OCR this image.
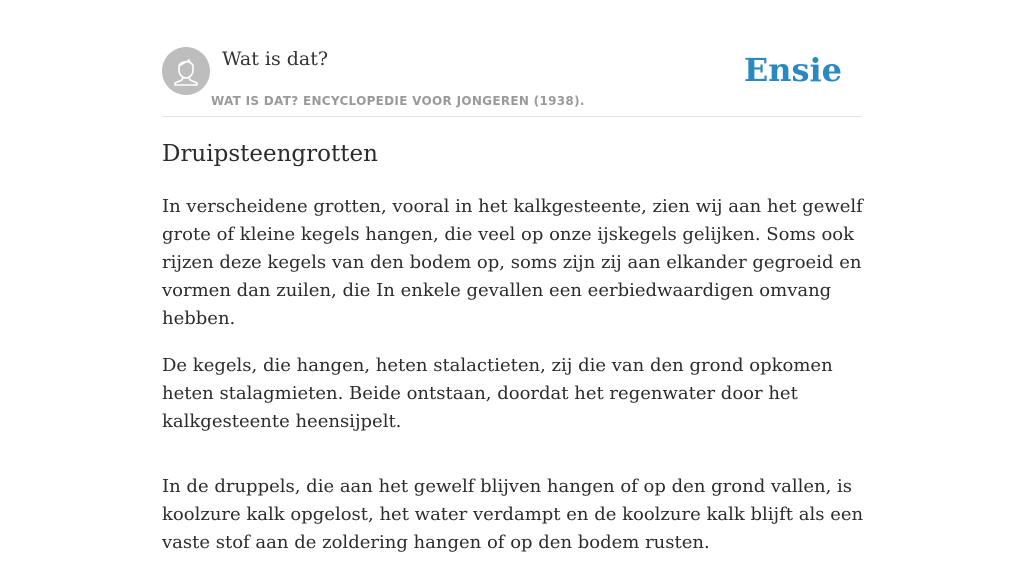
Wat is dat?
WAT IS DAT? ENCYCLOPEDIE VOOR JONGEREN (1938).
Ensie
Druipsteengrotten

In verscheidene grotten, vooral in het kalkgesteente, zien wij aan het gewelf grote of kleine kegels hangen, die veel op onze ijskegels gelijken. Soms ook rijzen deze kegels van den bodem op, soms zijn zij aan elkander gegroeid en vormen dan zuilen, die In enkele gevallen een eerbiedwaardigen omvang hebben.

De kegels, die hangen, heten stalactieten, zij die van den grond opkomen heten stalagmieten. Beide ontstaan, doordat het regenwater door het kalkgesteente heensijpelt.

In de druppels, die aan het gewelf blijven hangen of op den grond vallen, is koolzure kalk opgelost, het water verdampt en de koolzure kalk blijft als een vaste stof aan de zoldering hangen of op den bodem rusten.
